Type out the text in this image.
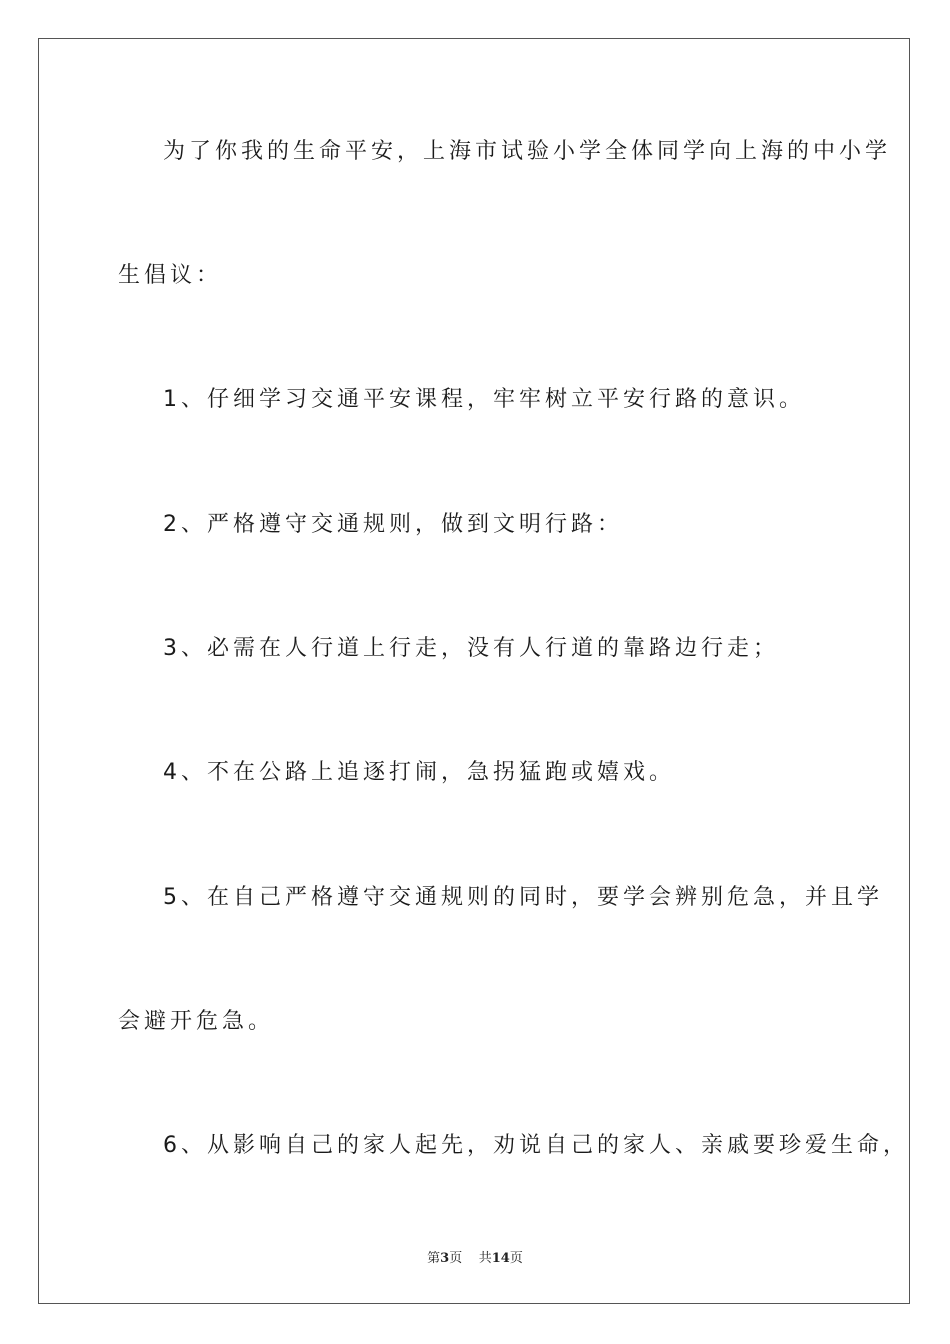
为了你我的生命平安，上海市试验小学全体同学向上海的中小学
生倡议：
1、仔细学习交通平安课程，牢牢树立平安行路的意识。
2、严格遵守交通规则，做到文明行路：
3、必需在人行道上行走，没有人行道的靠路边行走；
4、不在公路上追逐打闹，急拐猛跑或嬉戏。
5、在自己严格遵守交通规则的同时，要学会辨别危急，并且学
会避开危急。
6、从影响自己的家人起先，劝说自己的家人、亲戚要珍爱生命，
第3页 共14页
